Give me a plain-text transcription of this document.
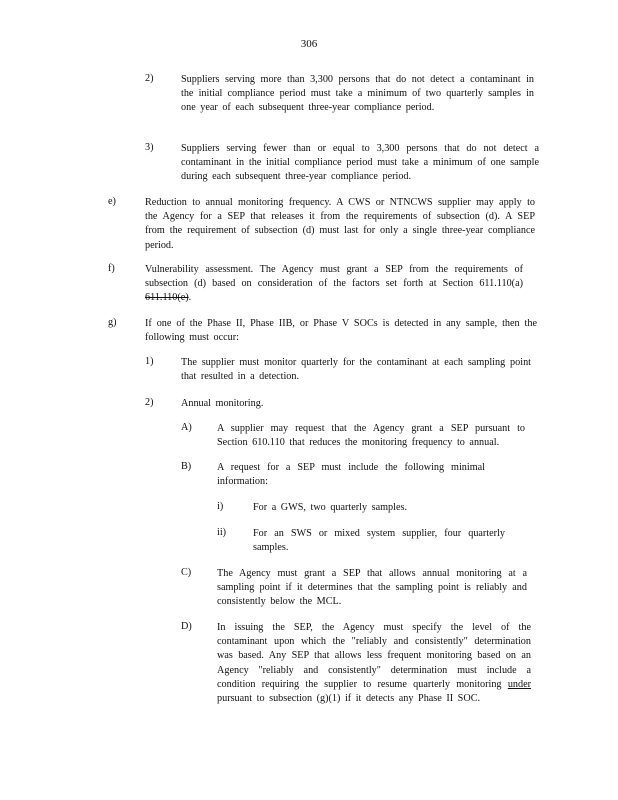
306
2)	Suppliers serving more than 3,300 persons that do not detect a contaminant in the initial compliance period must take a minimum of two quarterly samples in one year of each subsequent three-year compliance period.
3)	Suppliers serving fewer than or equal to 3,300 persons that do not detect a contaminant in the initial compliance period must take a minimum of one sample during each subsequent three-year compliance period.
e)	Reduction to annual monitoring frequency. A CWS or NTNCWS supplier may apply to the Agency for a SEP that releases it from the requirements of subsection (d). A SEP from the requirement of subsection (d) must last for only a single three-year compliance period.
f)	Vulnerability assessment. The Agency must grant a SEP from the requirements of subsection (d) based on consideration of the factors set forth at Section 611.110(a) 611.110(e).
g)	If one of the Phase II, Phase IIB, or Phase V SOCs is detected in any sample, then the following must occur:
1)	The supplier must monitor quarterly for the contaminant at each sampling point that resulted in a detection.
2)	Annual monitoring.
A) A supplier may request that the Agency grant a SEP pursuant to Section 610.110 that reduces the monitoring frequency to annual.
B)	A request for a SEP must include the following minimal information:
i)	For a GWS, two quarterly samples.
ii)	For an SWS or mixed system supplier, four quarterly samples.
C)	The Agency must grant a SEP that allows annual monitoring at a sampling point if it determines that the sampling point is reliably and consistently below the MCL.
D) In issuing the SEP, the Agency must specify the level of the contaminant upon which the "reliably and consistently" determination was based. Any SEP that allows less frequent monitoring based on an Agency "reliably and consistently" determination must include a condition requiring the supplier to resume quarterly monitoring under pursuant to subsection (g)(1) if it detects any Phase II SOC.
